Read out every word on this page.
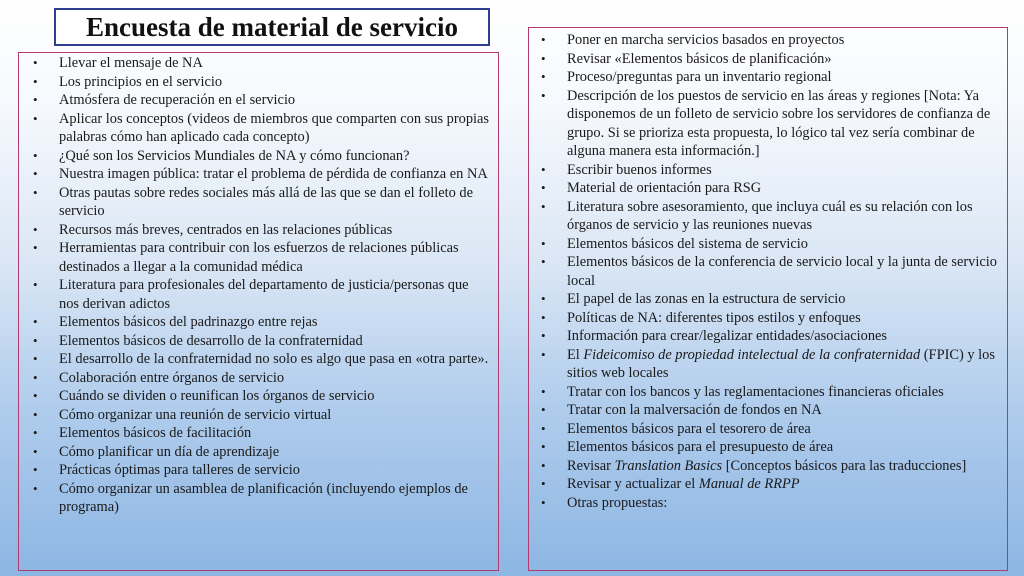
Encuesta de material de servicio
•	Llevar el mensaje de NA
•	Los principios en el servicio
•	Atmósfera de recuperación en el servicio
•	Aplicar los conceptos (videos de miembros que comparten con sus propias palabras cómo han aplicado cada concepto)
•	¿Qué son los Servicios Mundiales de NA y cómo funcionan?
•	Nuestra imagen pública: tratar el problema de pérdida de confianza en NA
•	Otras pautas sobre redes sociales más allá de las que se dan el folleto de servicio
•	Recursos más breves, centrados en las relaciones públicas
•	Herramientas para contribuir con los esfuerzos de relaciones públicas destinados a llegar a la comunidad médica
•	Literatura para profesionales del departamento de justicia/personas que nos derivan adictos
•	Elementos básicos del padrinazgo entre rejas
•	Elementos básicos de desarrollo de la confraternidad
•	El desarrollo de la confraternidad no solo es algo que pasa en «otra parte».
•	Colaboración entre órganos de servicio
•	Cuándo se dividen o reunifican los órganos de servicio
•	Cómo organizar una reunión de servicio virtual
•	Elementos básicos de facilitación
•	Cómo planificar un día de aprendizaje
•	Prácticas óptimas para talleres de servicio
•	Cómo organizar un asamblea de planificación (incluyendo ejemplos de programa)
•	Poner en marcha servicios basados en proyectos
•	Revisar «Elementos básicos de planificación»
•	Proceso/preguntas para un inventario regional
•	Descripción de los puestos de servicio en las áreas y regiones [Nota: Ya disponemos de un folleto de servicio sobre los servidores de confianza de grupo. Si se prioriza esta propuesta, lo lógico tal vez sería combinar de alguna manera esta información.]
•	Escribir buenos informes
•	Material de orientación para RSG
•	Literatura sobre asesoramiento, que incluya cuál es su relación con los órganos de servicio y las reuniones nuevas
•	Elementos básicos del sistema de servicio
•	Elementos básicos de la conferencia de servicio local y la junta de servicio local
•	El papel de las zonas en la estructura de servicio
•	Políticas de NA: diferentes tipos estilos y enfoques
•	Información para crear/legalizar entidades/asociaciones
•	El Fideicomiso de propiedad intelectual de la confraternidad (FPIC) y los sitios web locales
•	Tratar con los bancos y las reglamentaciones financieras oficiales
•	Tratar con la malversación de fondos en NA
•	Elementos básicos para el tesorero de área
•	Elementos básicos para el presupuesto de área
•	Revisar Translation Basics [Conceptos básicos para las traducciones]
•	Revisar y actualizar el Manual de RRPP
•	Otras propuestas:
